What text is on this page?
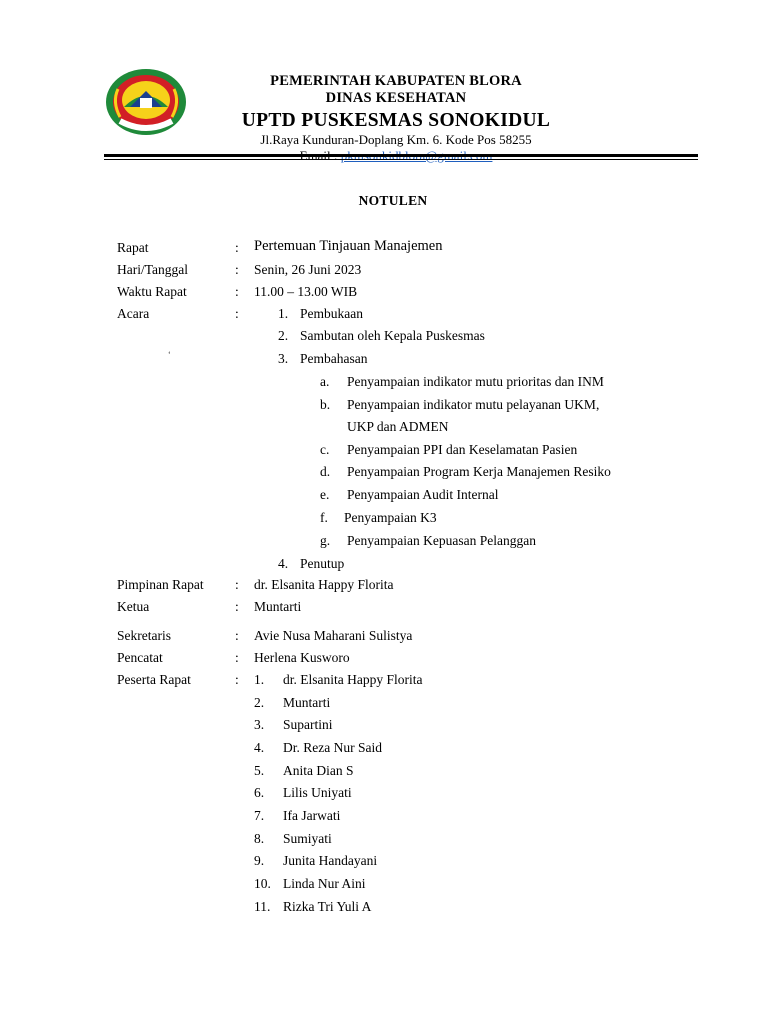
PEMERINTAH KABUPATEN BLORA
DINAS KESEHATAN
UPTD PUSKESMAS SONOKIDUL
Jl.Raya Kunduran-Doplang Km. 6. Kode Pos 58255
NOTULEN
Rapat	: Pertemuan Tinjauan Manajemen
Hari/Tanggal	: Senin, 26 Juni 2023
Waktu Rapat	: 11.00 – 13.00 WIB
Acara	:	1. Pembukaan
2. Sambutan oleh Kepala Puskesmas
‘	3. Pembahasan
a. Penyampaian indikator mutu prioritas dan INM
b. Penyampaian indikator mutu pelayanan UKM,
UKP dan ADMEN
c. Penyampaian PPI dan Keselamatan Pasien
d. Penyampaian Program Kerja Manajemen Resiko
e. Penyampaian Audit Internal
f. Penyampaian K3
g. Penyampaian Kepuasan Pelanggan
4. Penutup
Pimpinan Rapat : dr. Elsanita Happy Florita
Ketua	: Muntarti
Sekretaris	: Avie Nusa Maharani Sulistya
Pencatat	: Herlena Kusworo
Peserta Rapat	: 1. dr. Elsanita Happy Florita
2. Muntarti
3. Supartini
4. Dr. Reza Nur Said
5. Anita Dian S
6. Lilis Uniyati
7. Ifa Jarwati
8. Sumiyati
9. Junita Handayani
10. Linda Nur Aini
11. Rizka Tri Yuli A
